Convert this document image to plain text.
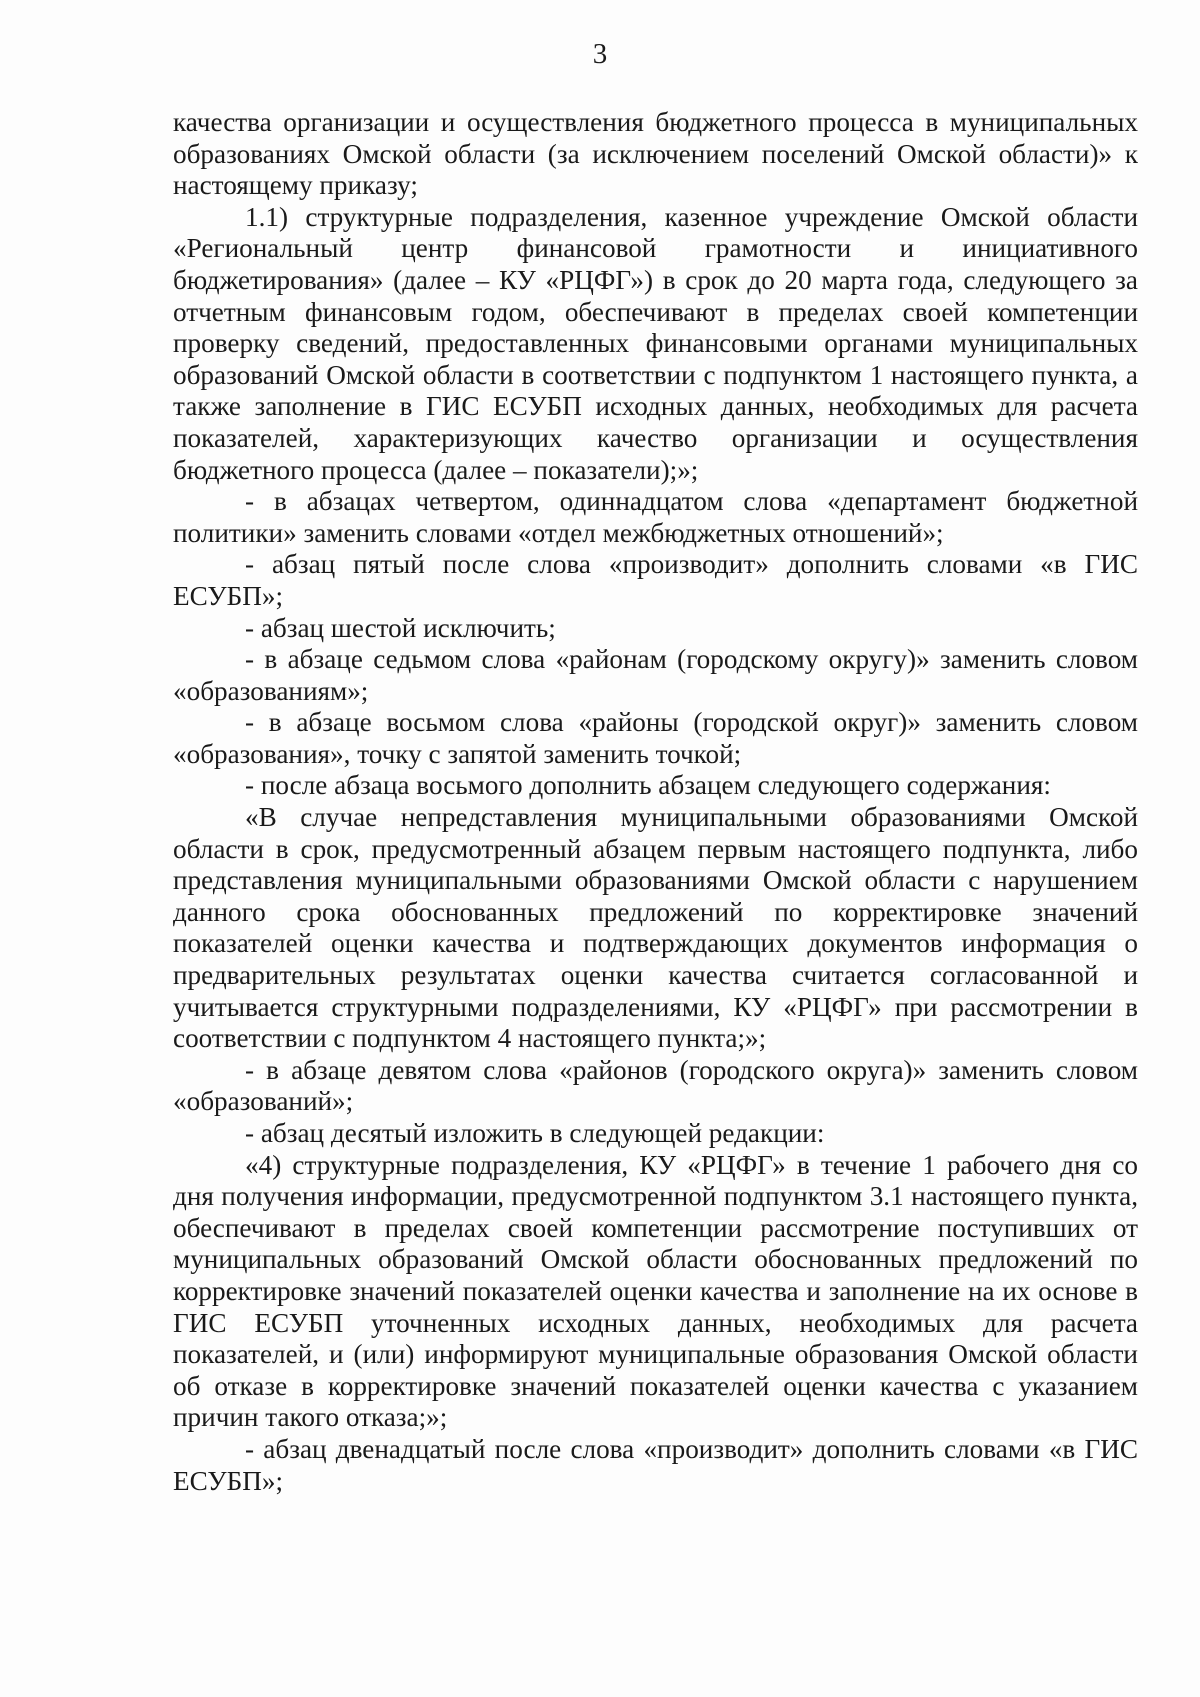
3

качества организации и осуществления бюджетного процесса в муниципальных образованиях Омской области (за исключением поселений Омской области)» к настоящему приказу;

1.1) структурные подразделения, казенное учреждение Омской области «Региональный центр финансовой грамотности и инициативного бюджетирования» (далее – КУ «РЦФГ») в срок до 20 марта года, следующего за отчетным финансовым годом, обеспечивают в пределах своей компетенции проверку сведений, предоставленных финансовыми органами муниципальных образований Омской области в соответствии с подпунктом 1 настоящего пункта, а также заполнение в ГИС ЕСУБП исходных данных, необходимых для расчета показателей, характеризующих качество организации и осуществления бюджетного процесса (далее – показатели);»;

- в абзацах четвертом, одиннадцатом слова «департамент бюджетной политики» заменить словами «отдел межбюджетных отношений»;

- абзац пятый после слова «производит» дополнить словами «в ГИС ЕСУБП»;

- абзац шестой исключить;

- в абзаце седьмом слова «районам (городскому округу)» заменить словом «образованиям»;

- в абзаце восьмом слова «районы (городской округ)» заменить словом «образования», точку с запятой заменить точкой;

- после абзаца восьмого дополнить абзацем следующего содержания:

«В случае непредставления муниципальными образованиями Омской области в срок, предусмотренный абзацем первым настоящего подпункта, либо представления муниципальными образованиями Омской области с нарушением данного срока обоснованных предложений по корректировке значений показателей оценки качества и подтверждающих документов информация о предварительных результатах оценки качества считается согласованной и учитывается структурными подразделениями, КУ «РЦФГ» при рассмотрении в соответствии с подпунктом 4 настоящего пункта;»;

- в абзаце девятом слова «районов (городского округа)» заменить словом «образований»;

- абзац десятый изложить в следующей редакции:

«4) структурные подразделения, КУ «РЦФГ» в течение 1 рабочего дня со дня получения информации, предусмотренной подпунктом 3.1 настоящего пункта, обеспечивают в пределах своей компетенции рассмотрение поступивших от муниципальных образований Омской области обоснованных предложений по корректировке значений показателей оценки качества и заполнение на их основе в ГИС ЕСУБП уточненных исходных данных, необходимых для расчета показателей, и (или) информируют муниципальные образования Омской области об отказе в корректировке значений показателей оценки качества с указанием причин такого отказа;»;

- абзац двенадцатый после слова «производит» дополнить словами «в ГИС ЕСУБП»;
